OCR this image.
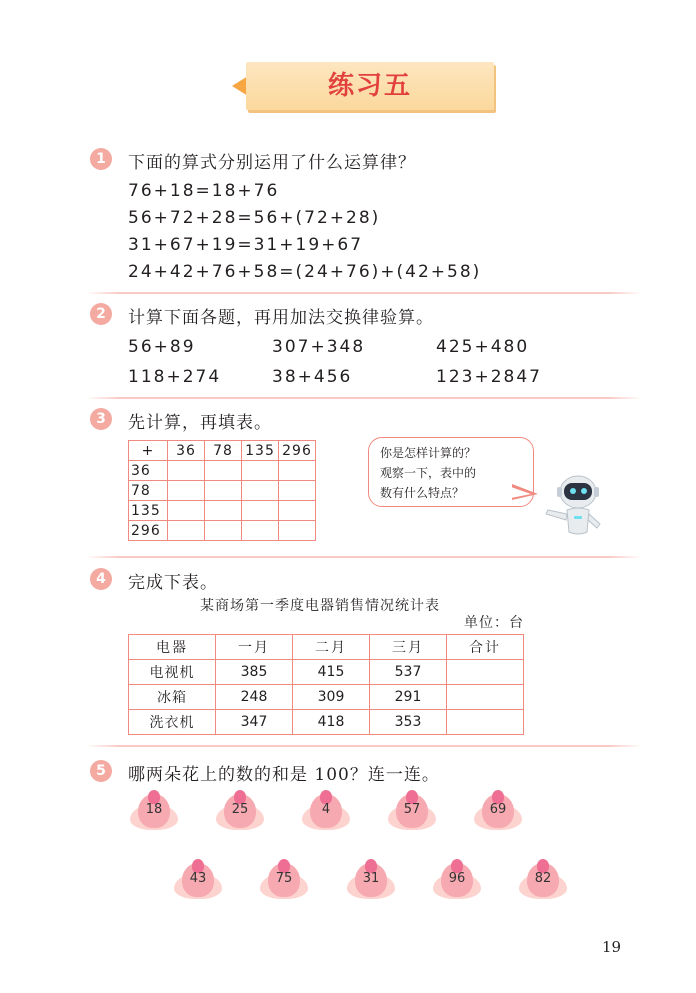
练习五
1	下面的算式分别运用了什么运算律？
76+18=18+76
56+72+28=56+(72+28)
31+67+19=31+19+67
24+42+76+58=(24+76)+(42+58)
2	计算下面各题，再用加法交换律验算。
56+89	307+348	425+480
118+274	38+456	123+2847
3	先计算，再填表。
+	36	78	135	296
36				
78				
135				
296				
你是怎样计算的？
观察一下，表中的
数有什么特点？
4	完成下表。
某商场第一季度电器销售情况统计表
单位：台
电器	一月	二月	三月	合计
电视机	385	415	537	
冰箱	248	309	291	
洗衣机	347	418	353	
5	哪两朵花上的数的和是 100？连一连。
18	25	4	57	69
43	75	31	96	82
19
